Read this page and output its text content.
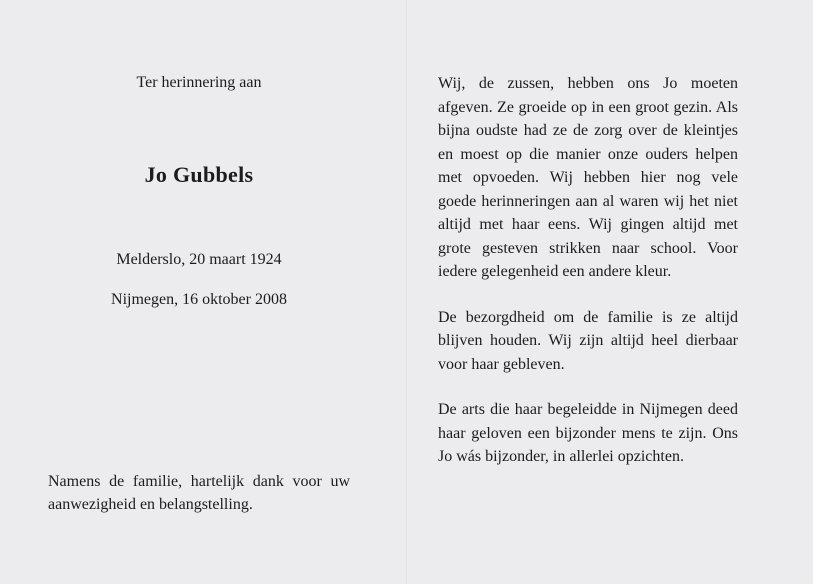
Ter herinnering aan
Jo Gubbels
Melderslo, 20 maart 1924
Nijmegen, 16 oktober 2008
Namens de familie, hartelijk dank voor uw aanwezigheid en belangstelling.

Wij, de zussen, hebben ons Jo moeten afgeven. Ze groeide op in een groot gezin. Als bijna oudste had ze de zorg over de kleintjes en moest op die manier onze ouders helpen met opvoeden. Wij hebben hier nog vele goede herinneringen aan al waren wij het niet altijd met haar eens. Wij gingen altijd met grote gesteven strikken naar school. Voor iedere gelegenheid een andere kleur.

De bezorgdheid om de familie is ze altijd blijven houden. Wij zijn altijd heel dierbaar voor haar gebleven.

De arts die haar begeleidde in Nijmegen deed haar geloven een bijzonder mens te zijn. Ons Jo wás bijzonder, in allerlei opzichten.
